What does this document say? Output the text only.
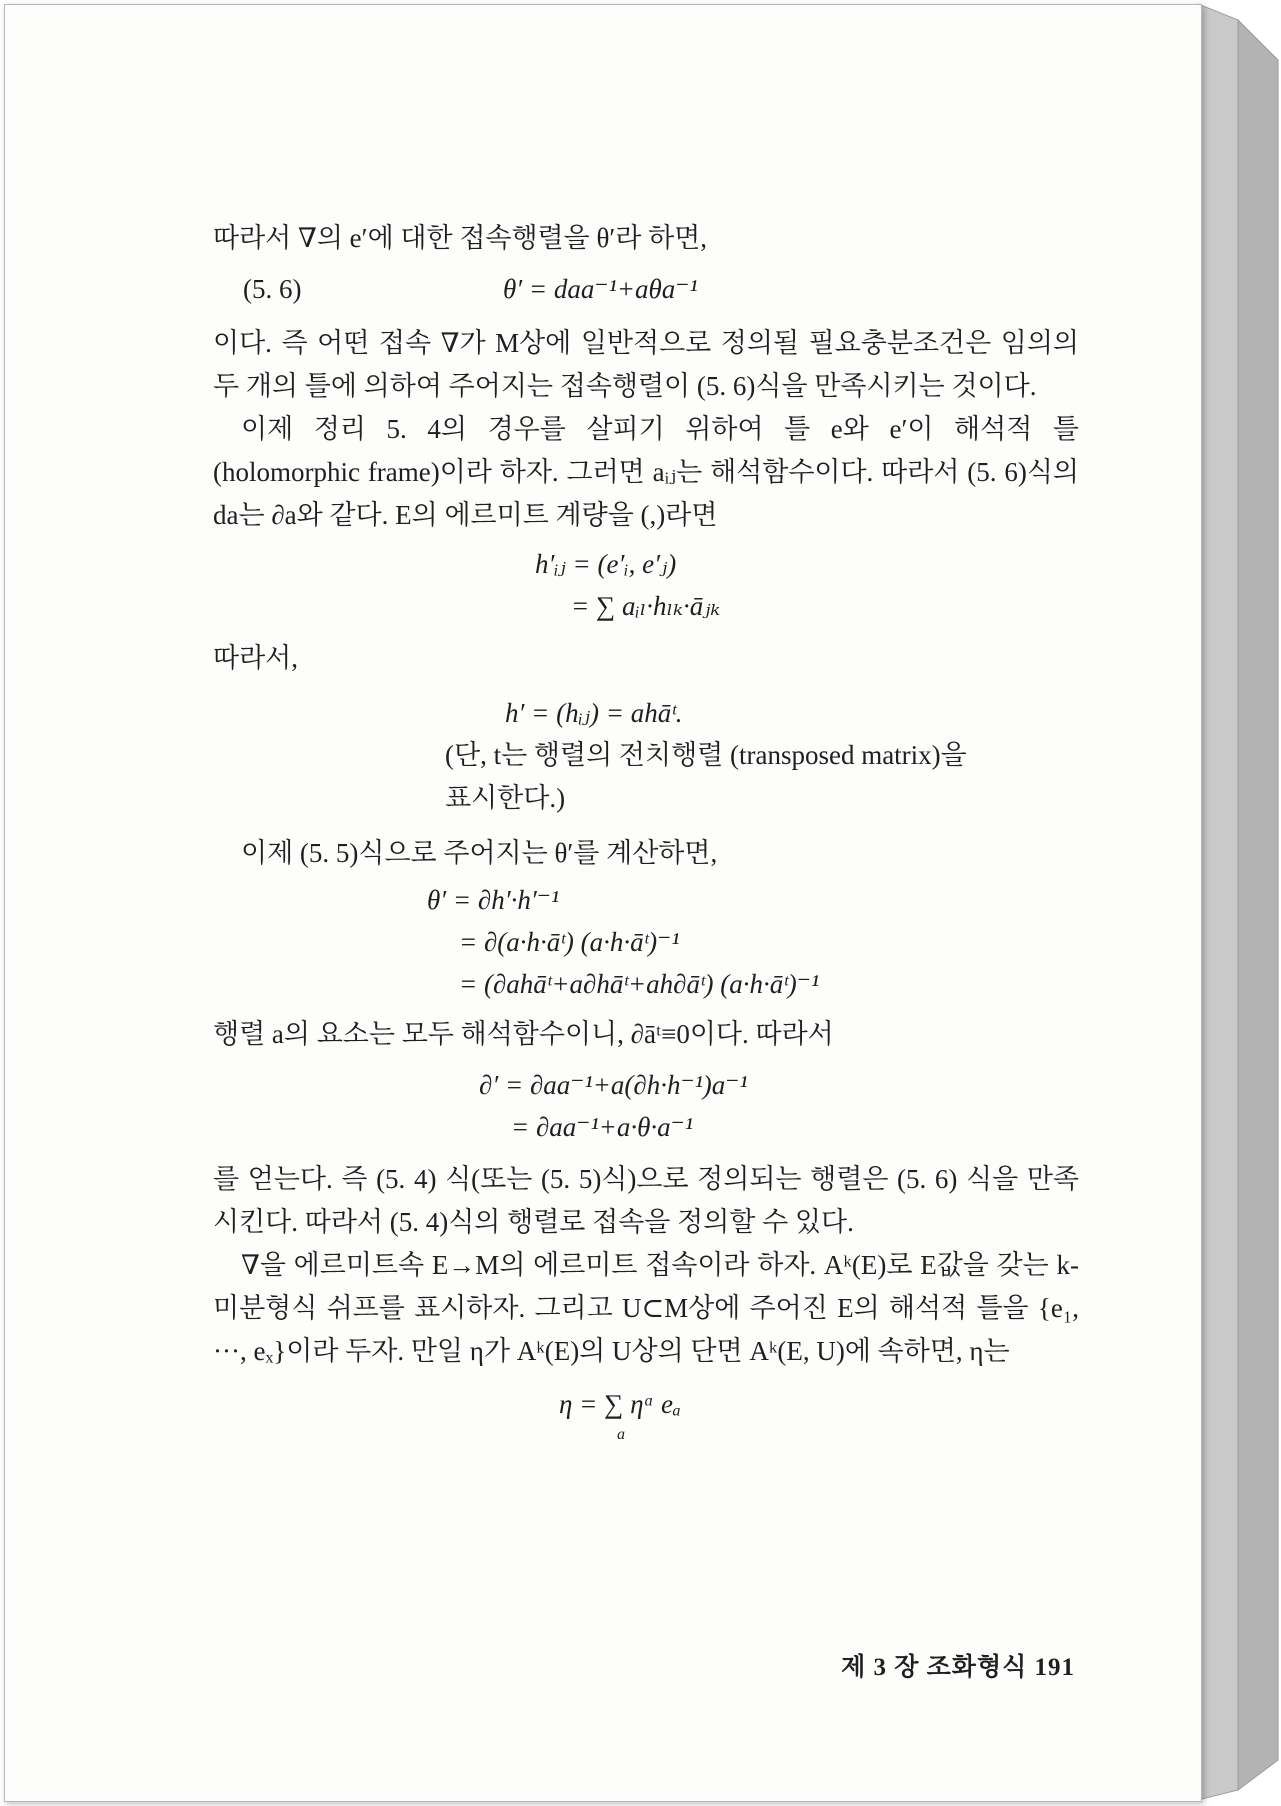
따라서 ∇의 e′에 대한 접속행렬을 θ′라 하면,

(5. 6)	θ′ = daa⁻¹+aθa⁻¹

이다. 즉 어떤 접속 ∇가 M상에 일반적으로 정의될 필요충분조건은 임의의 두 개의 틀에 의하여 주어지는 접속행렬이 (5. 6)식을 만족시키는 것이다.

이제 정리 5. 4의 경우를 살피기 위하여 틀 e와 e′이 해석적 틀 (holomorphic frame)이라 하자. 그러면 aᵢⱼ는 해석함수이다. 따라서 (5. 6)식의 da는 ∂a와 같다. E의 에르미트 계량을 (,)라면

h′ᵢⱼ = (e′ᵢ, e′ⱼ)
= ∑ aᵢₗ·hₗₖ·āⱼₖ

따라서,

h′ = (hᵢⱼ) = ahāᵗ.

(단, t는 행렬의 전치행렬 (transposed matrix)을

표시한다.)

이제 (5. 5)식으로 주어지는 θ′를 계산하면,

θ′ = ∂h′·h′⁻¹
= ∂(a·h·āᵗ) (a·h·āᵗ)⁻¹
= (∂ahāᵗ+a∂hāᵗ+ah∂āᵗ) (a·h·āᵗ)⁻¹

행렬 a의 요소는 모두 해석함수이니, ∂āᵗ≡0이다. 따라서

∂′ = ∂aa⁻¹+a(∂h·h⁻¹)a⁻¹
= ∂aa⁻¹+a·θ·a⁻¹

를 얻는다. 즉 (5. 4) 식(또는 (5. 5)식)으로 정의되는 행렬은 (5. 6) 식을 만족시킨다. 따라서 (5. 4)식의 행렬로 접속을 정의할 수 있다.

∇을 에르미트속 E→M의 에르미트 접속이라 하자. Aᵏ(E)로 E값을 갖는 k-미분형식 쉬프를 표시하자. 그리고 U⊂M상에 주어진 E의 해석적 틀을 {e₁, ···, eₓ}이라 두자. 만일 η가 Aᵏ(E)의 U상의 단면 Aᵏ(E, U)에 속하면, η는

η = ∑ ηᵅ eₐ
a
제 3 장 조화형식 191
